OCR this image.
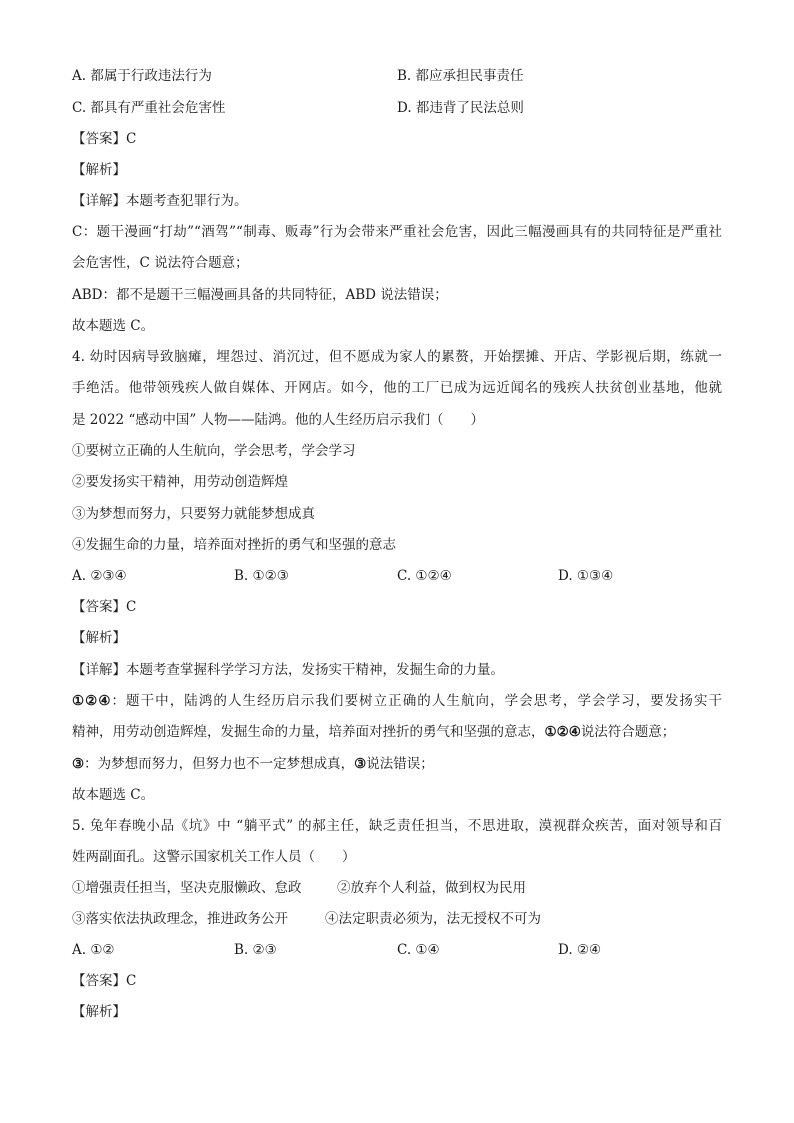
A. 都属于行政违法行为	B. 都应承担民事责任
C. 都具有严重社会危害性	D. 都违背了民法总则
【答案】C
【解析】
【详解】本题考查犯罪行为。
C：题干漫画“打劫”“酒驾”“制毒、贩毒”行为会带来严重社会危害，因此三幅漫画具有的共同特征是严重社
会危害性，C 说法符合题意；
ABD：都不是题干三幅漫画具备的共同特征，ABD 说法错误；
故本题选 C。
4. 幼时因病导致脑瘫，埋怨过、消沉过，但不愿成为家人的累赘，开始摆摊、开店、学影视后期，练就一
手绝活。他带领残疾人做自媒体、开网店。如今，他的工厂已成为远近闻名的残疾人扶贫创业基地，他就
是 2022 “感动中国” 人物——陆鸿。他的人生经历启示我们（　　）
①要树立正确的人生航向，学会思考，学会学习
②要发扬实干精神，用劳动创造辉煌
③为梦想而努力，只要努力就能梦想成真
④发掘生命的力量，培养面对挫折的勇气和坚强的意志
A. ②③④	B. ①②③	C. ①②④	D. ①③④
【答案】C
【解析】
【详解】本题考查掌握科学学习方法，发扬实干精神，发掘生命的力量。
①②④：题干中，陆鸿的人生经历启示我们要树立正确的人生航向，学会思考，学会学习，要发扬实干
精神，用劳动创造辉煌，发掘生命的力量，培养面对挫折的勇气和坚强的意志，①②④说法符合题意；
③：为梦想而努力，但努力也不一定梦想成真，③说法错误；
故本题选 C。
5. 兔年春晚小品《坑》中 “躺平式” 的郝主任，缺乏责任担当，不思进取，漠视群众疾苦，面对领导和百
姓两副面孔。这警示国家机关工作人员（　　）
①增强责任担当，坚决克服懒政、怠政	②放弃个人利益，做到权为民用
③落实依法执政理念，推进政务公开	④法定职责必须为，法无授权不可为
A. ①②	B. ②③	C. ①④	D. ②④
【答案】C
【解析】
